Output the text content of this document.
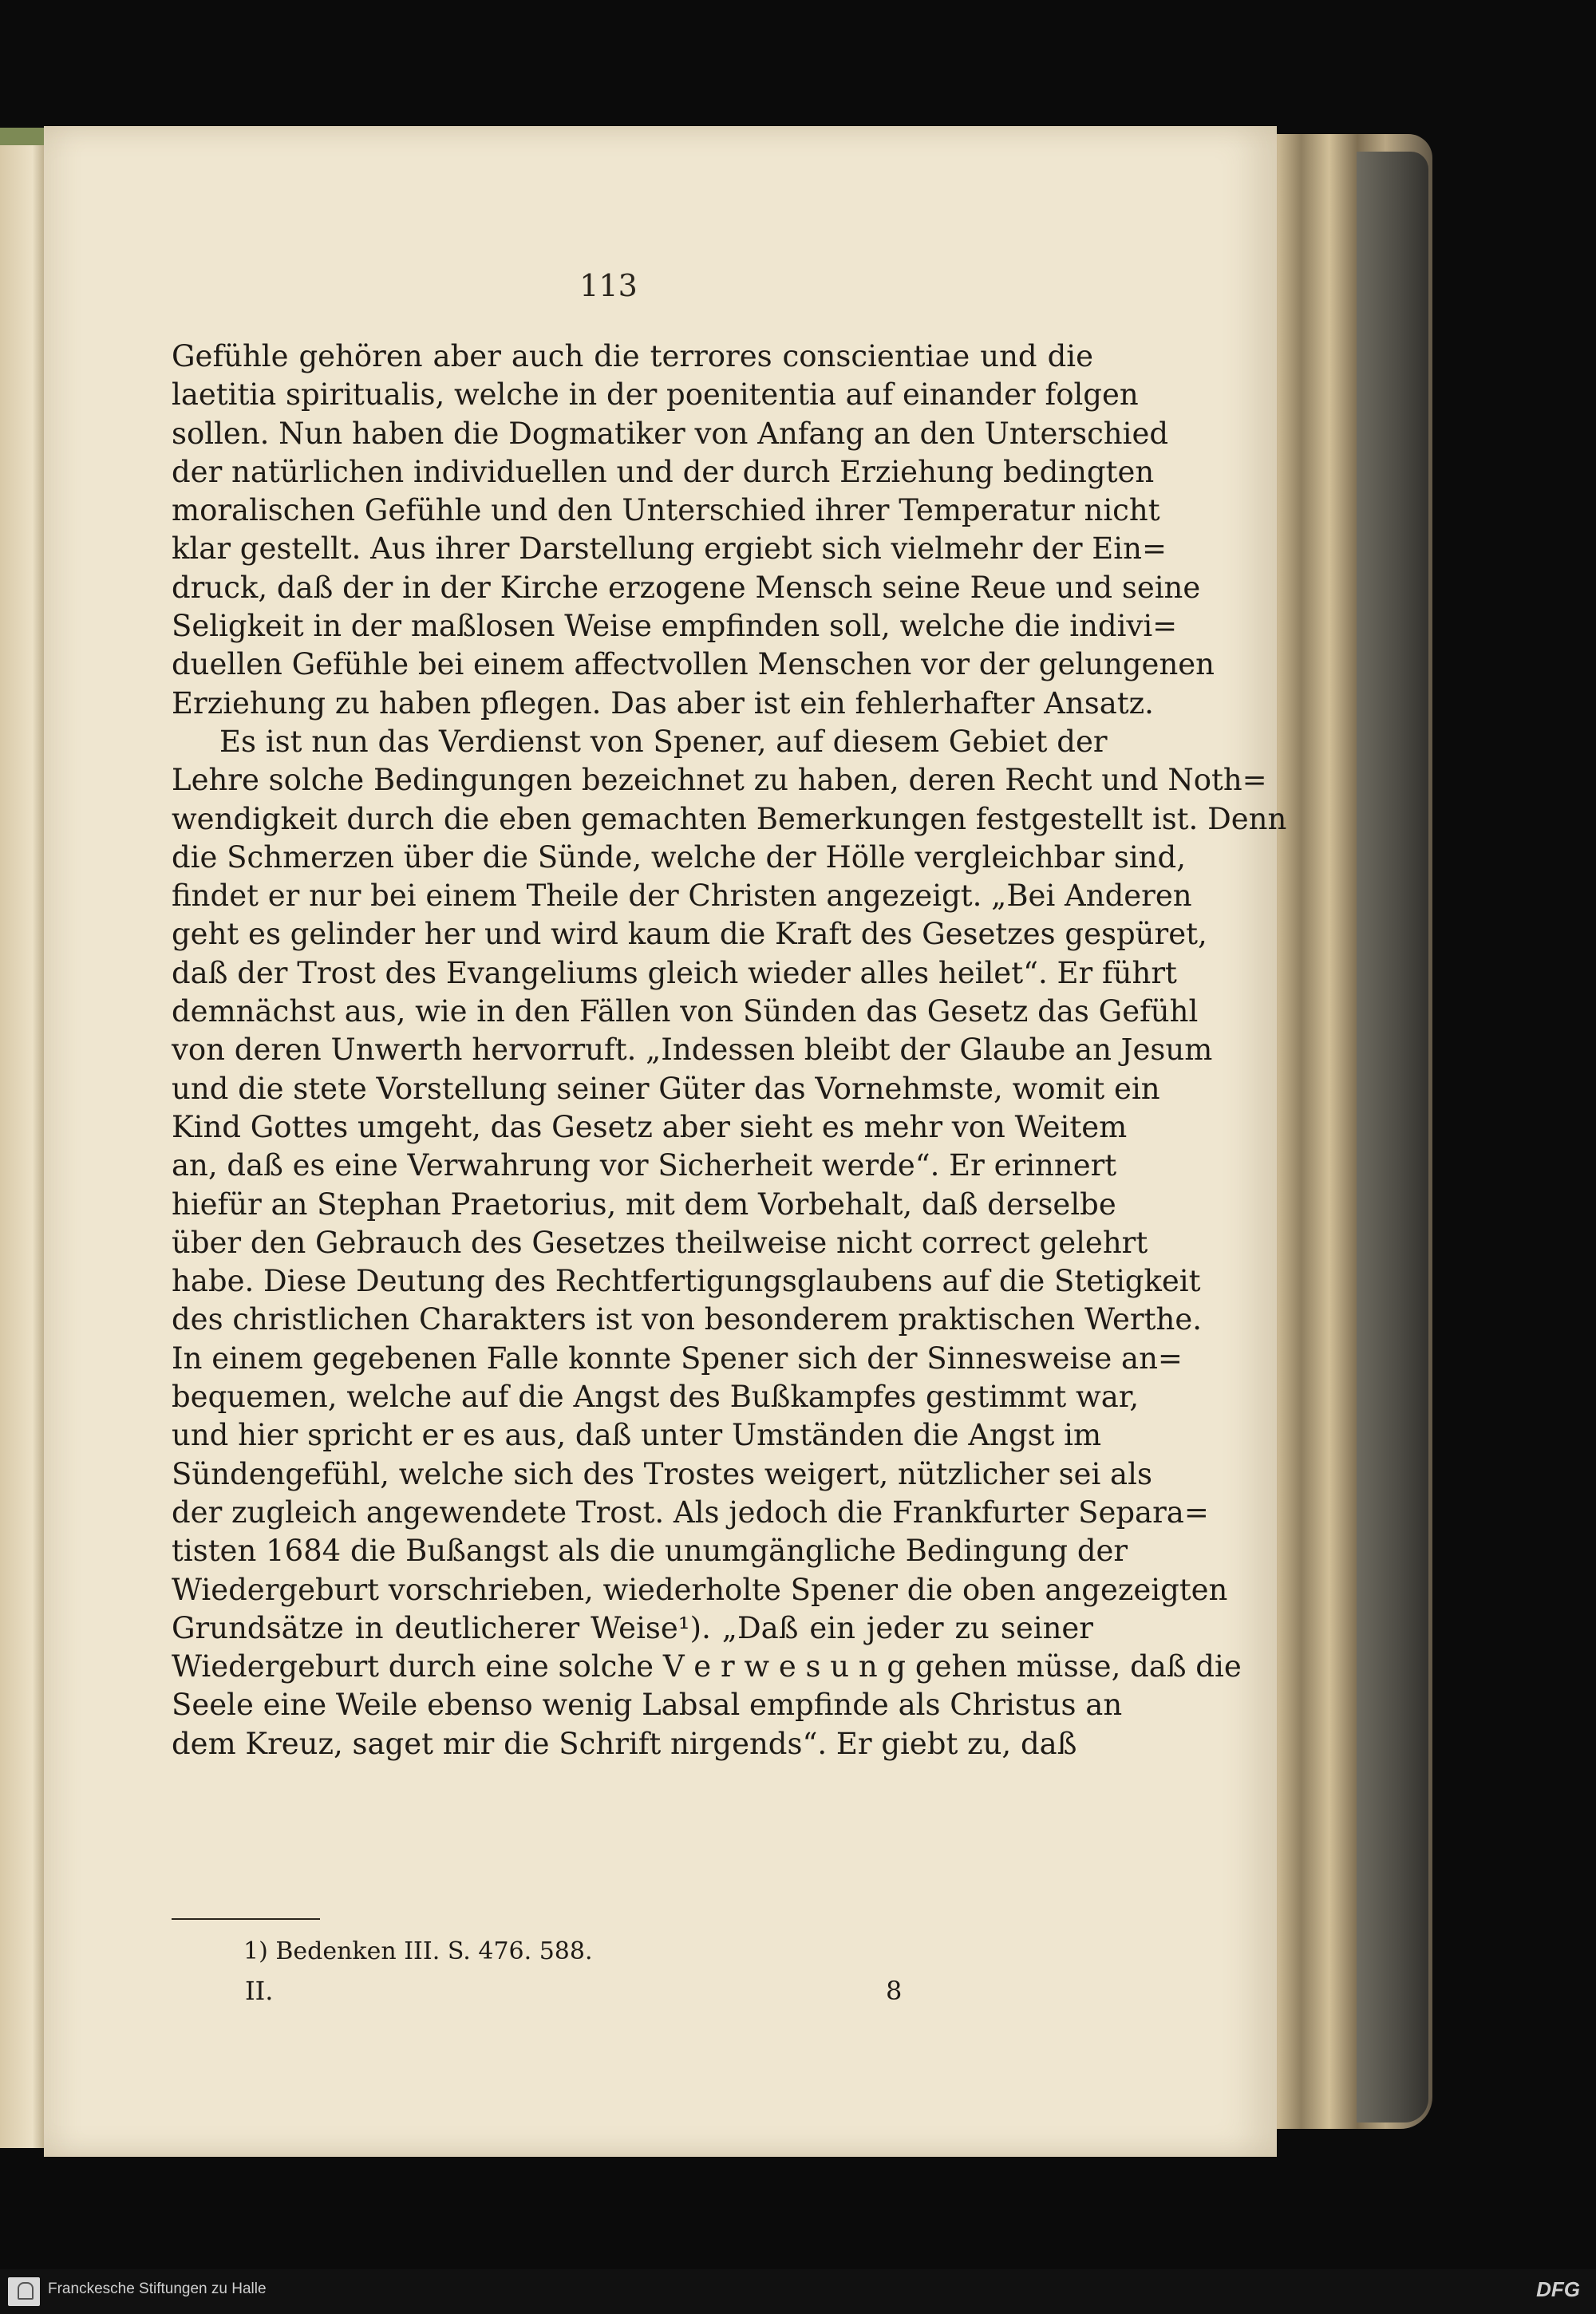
113
Gefühle gehören aber auch die terrores conscientiae und die
laetitia spiritualis, welche in der poenitentia auf einander folgen
sollen. Nun haben die Dogmatiker von Anfang an den Unterschied
der natürlichen individuellen und der durch Erziehung bedingten
moralischen Gefühle und den Unterschied ihrer Temperatur nicht
klar gestellt. Aus ihrer Darstellung ergiebt sich vielmehr der Ein=
druck, daß der in der Kirche erzogene Mensch seine Reue und seine
Seligkeit in der maßlosen Weise empfinden soll, welche die indivi=
duellen Gefühle bei einem affectvollen Menschen vor der gelungenen
Erziehung zu haben pflegen. Das aber ist ein fehlerhafter Ansatz.
Es ist nun das Verdienst von Spener, auf diesem Gebiet der
Lehre solche Bedingungen bezeichnet zu haben, deren Recht und Noth=
wendigkeit durch die eben gemachten Bemerkungen festgestellt ist. Denn
die Schmerzen über die Sünde, welche der Hölle vergleichbar sind,
findet er nur bei einem Theile der Christen angezeigt. „Bei Anderen
geht es gelinder her und wird kaum die Kraft des Gesetzes gespüret,
daß der Trost des Evangeliums gleich wieder alles heilet“. Er führt
demnächst aus, wie in den Fällen von Sünden das Gesetz das Gefühl
von deren Unwerth hervorruft. „Indessen bleibt der Glaube an Jesum
und die stete Vorstellung seiner Güter das Vornehmste, womit ein
Kind Gottes umgeht, das Gesetz aber sieht es mehr von Weitem
an, daß es eine Verwahrung vor Sicherheit werde“. Er erinnert
hiefür an Stephan Praetorius, mit dem Vorbehalt, daß derselbe
über den Gebrauch des Gesetzes theilweise nicht correct gelehrt
habe. Diese Deutung des Rechtfertigungsglaubens auf die Stetigkeit
des christlichen Charakters ist von besonderem praktischen Werthe.
In einem gegebenen Falle konnte Spener sich der Sinnesweise an=
bequemen, welche auf die Angst des Bußkampfes gestimmt war,
und hier spricht er es aus, daß unter Umständen die Angst im
Sündengefühl, welche sich des Trostes weigert, nützlicher sei als
der zugleich angewendete Trost. Als jedoch die Frankfurter Separa=
tisten 1684 die Bußangst als die unumgängliche Bedingung der
Wiedergeburt vorschrieben, wiederholte Spener die oben angezeigten
Grundsätze in deutlicherer Weise¹). „Daß ein jeder zu seiner
Wiedergeburt durch eine solche V e r w e s u n g gehen müsse, daß die
Seele eine Weile ebenso wenig Labsal empfinde als Christus an
dem Kreuz, saget mir die Schrift nirgends“. Er giebt zu, daß
1) Bedenken III. S. 476. 588.
II.	8
Franckesche Stiftungen zu Halle	DFG
